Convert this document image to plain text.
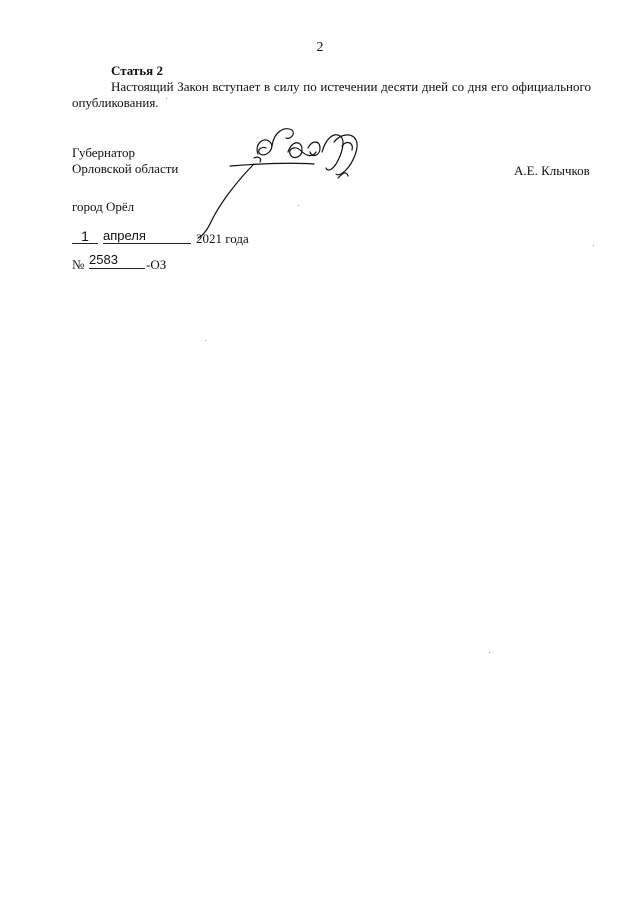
2
Статья 2
Настоящий Закон вступает в силу по истечении десяти дней со дня его официального опубликования.
Губернатор
Орловской области	А.Е. Клычков
город Орёл
1	апреля	2021 года
№ 2583	-ОЗ
